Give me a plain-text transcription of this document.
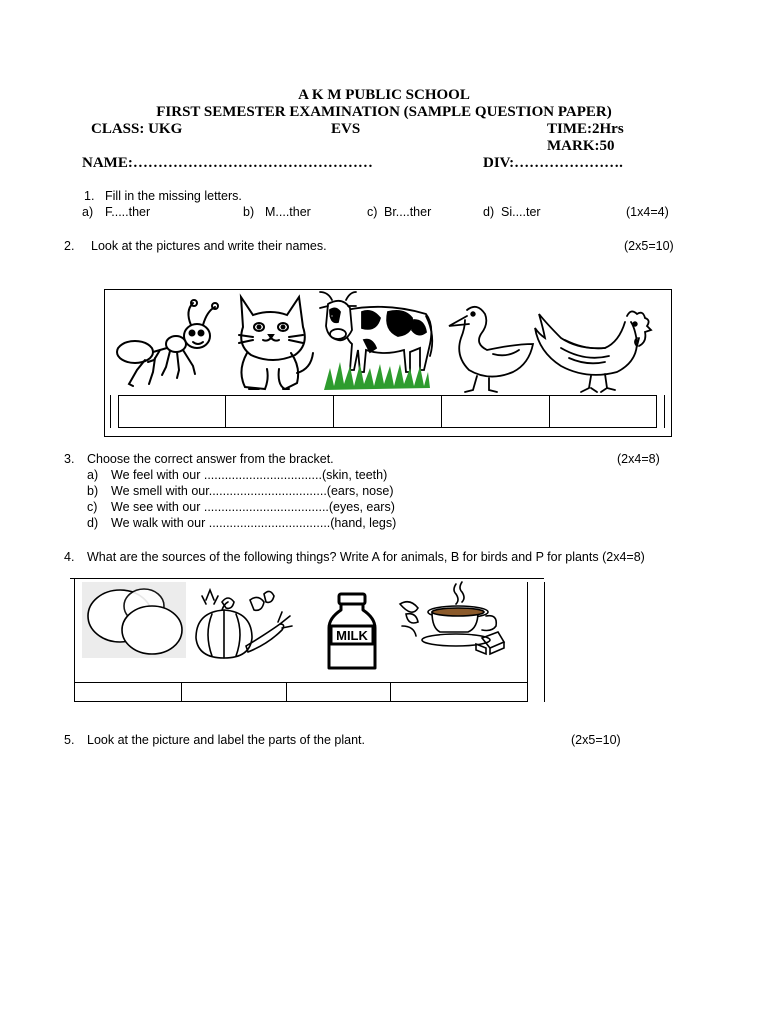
A K M PUBLIC SCHOOL
FIRST SEMESTER EXAMINATION (SAMPLE QUESTION PAPER)
CLASS: UKG	EVS	TIME:2Hrs
MARK:50
NAME:…………………………………………	DIV:………………….
1. Fill in the missing letters.
a) F.....ther	b) M....ther	c) Br....ther	d) Si....ter	(1x4=4)
2. Look at the pictures and write their names.	(2x5=10)
3. Choose the correct answer from the bracket.	(2x4=8)
a) We feel with our ..................................(skin, teeth)
b) We smell with our..................................(ears, nose)
c) We see with our ....................................(eyes, ears)
d) We walk with our ...................................(hand, legs)
4. What are the sources of the following things? Write A for animals, B for birds and P for plants (2x4=8)
MILK
5. Look at the picture and label the parts of the plant.	(2x5=10)
